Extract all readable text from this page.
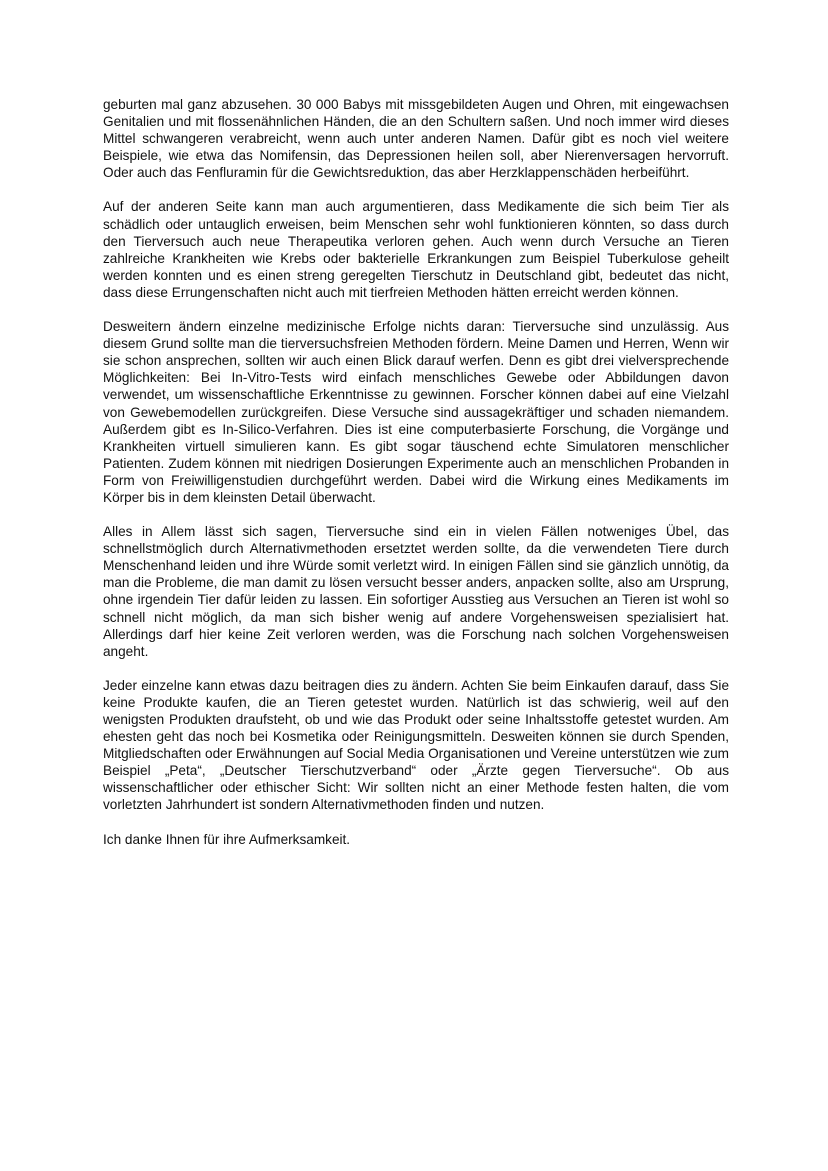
geburten mal ganz abzusehen. 30 000 Babys mit missgebildeten Augen und Ohren, mit eingewachsen Genitalien und mit flossenähnlichen Händen, die an den Schultern saßen. Und noch immer wird dieses Mittel schwangeren verabreicht, wenn auch unter anderen Namen. Dafür gibt es noch viel weitere Beispiele, wie etwa das Nomifensin, das Depressionen heilen soll, aber Nierenversagen hervorruft. Oder auch das Fenfluramin für die Gewichtsreduktion, das aber Herzklappenschäden herbeiführt.

Auf der anderen Seite kann man auch argumentieren, dass Medikamente die sich beim Tier als schädlich oder untauglich erweisen, beim Menschen sehr wohl funktionieren könnten, so dass durch den Tierversuch auch neue Therapeutika verloren gehen. Auch wenn durch Versuche an Tieren zahlreiche Krankheiten wie Krebs oder bakterielle Erkrankungen zum Beispiel Tuberkulose geheilt werden konnten und es einen streng geregelten Tierschutz in Deutschland gibt, bedeutet das nicht, dass diese Errungenschaften nicht auch mit tierfreien Methoden hätten erreicht werden können.

Desweitern ändern einzelne medizinische Erfolge nichts daran: Tierversuche sind unzulässig. Aus diesem Grund sollte man die tierversuchsfreien Methoden fördern. Meine Damen und Herren, Wenn wir sie schon ansprechen, sollten wir auch einen Blick darauf werfen. Denn es gibt drei vielversprechende Möglichkeiten: Bei In-Vitro-Tests wird einfach menschliches Gewebe oder Abbildungen davon verwendet, um wissenschaftliche Erkenntnisse zu gewinnen. Forscher können dabei auf eine Vielzahl von Gewebemodellen zurückgreifen. Diese Versuche sind aussagekräftiger und schaden niemandem. Außerdem gibt es In-Silico-Verfahren. Dies ist eine computerbasierte Forschung, die Vorgänge und Krankheiten virtuell simulieren kann. Es gibt sogar täuschend echte Simulatoren menschlicher Patienten. Zudem können mit niedrigen Dosierungen Experimente auch an menschlichen Probanden in Form von Freiwilligenstudien durchgeführt werden. Dabei wird die Wirkung eines Medikaments im Körper bis in dem kleinsten Detail überwacht.

Alles in Allem lässt sich sagen, Tierversuche sind ein in vielen Fällen notweniges Übel, das schnellstmöglich durch Alternativmethoden ersetztet werden sollte, da die verwendeten Tiere durch Menschenhand leiden und ihre Würde somit verletzt wird. In einigen Fällen sind sie gänzlich unnötig, da man die Probleme, die man damit zu lösen versucht besser anders, anpacken sollte, also am Ursprung, ohne irgendein Tier dafür leiden zu lassen. Ein sofortiger Ausstieg aus Versuchen an Tieren ist wohl so schnell nicht möglich, da man sich bisher wenig auf andere Vorgehensweisen spezialisiert hat. Allerdings darf hier keine Zeit verloren werden, was die Forschung nach solchen Vorgehensweisen angeht.

Jeder einzelne kann etwas dazu beitragen dies zu ändern. Achten Sie beim Einkaufen darauf, dass Sie keine Produkte kaufen, die an Tieren getestet wurden. Natürlich ist das schwierig, weil auf den wenigsten Produkten draufsteht, ob und wie das Produkt oder seine Inhaltsstoffe getestet wurden. Am ehesten geht das noch bei Kosmetika oder Reinigungsmitteln. Desweiten können sie durch Spenden, Mitgliedschaften oder Erwähnungen auf Social Media Organisationen und Vereine unterstützen wie zum Beispiel „Peta“, „Deutscher Tierschutzverband“ oder „Ärzte gegen Tierversuche“. Ob aus wissenschaftlicher oder ethischer Sicht: Wir sollten nicht an einer Methode festen halten, die vom vorletzten Jahrhundert ist sondern Alternativmethoden finden und nutzen.

Ich danke Ihnen für ihre Aufmerksamkeit.
